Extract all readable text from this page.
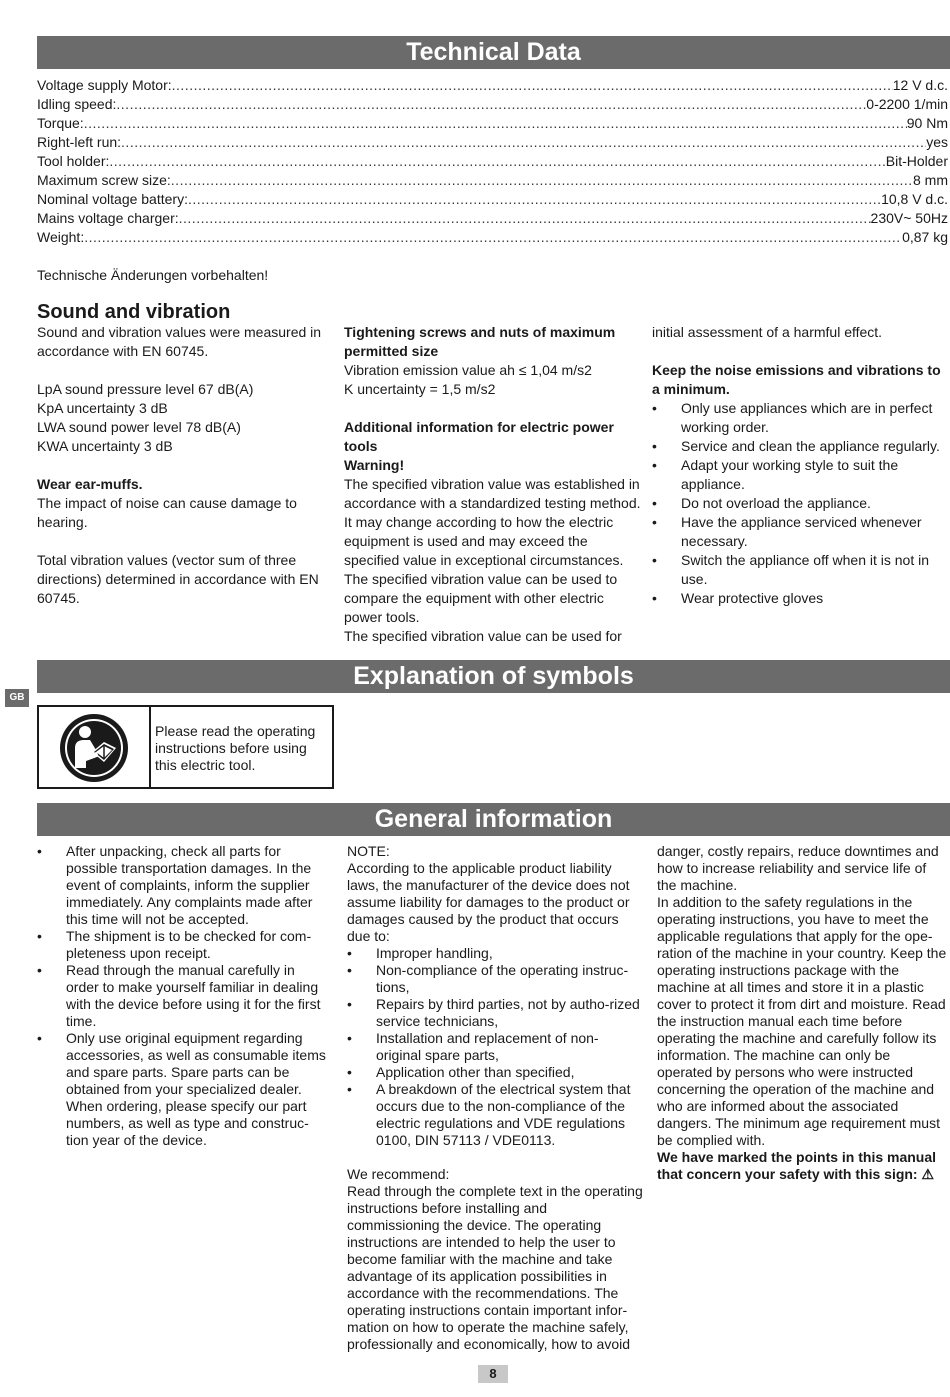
Technical Data
Voltage supply Motor: .....	12 V d.c.
Idling speed: .....	0-2200 1/min
Torque: .....	90 Nm
Right-left run: .....	yes
Tool holder: .....	Bit-Holder
Maximum screw size: .....	8 mm
Nominal voltage battery: .....	10,8 V d.c.
Mains voltage charger: .....	230V~ 50Hz
Weight: .....	0,87 kg
Technische Änderungen vorbehalten!
Sound and vibration

Sound and vibration values were measured in accordance with EN 60745.

LpA sound pressure level 67 dB(A)

KpA uncertainty 3 dB

LWA sound power level 78 dB(A)

KWA uncertainty 3 dB

Wear ear-muffs.

The impact of noise can cause damage to hearing.

Total vibration values (vector sum of three directions) determined in accordance with EN 60745.

Tightening screws and nuts of maximum permitted size

Vibration emission value ah ≤ 1,04 m/s2

K uncertainty = 1,5 m/s2

Additional information for electric power tools

Warning!

The specified vibration value was established in accordance with a standardized testing method. It may change according to how the electric equipment is used and may exceed the specified value in exceptional circumstances.

The specified vibration value can be used to compare the equipment with other electric power tools.

The specified vibration value can be used for

initial assessment of a harmful effect.

Keep the noise emissions and vibrations to a minimum.

• Only use appliances which are in perfect working order.
• Service and clean the appliance regularly.
• Adapt your working style to suit the appliance.
• Do not overload the appliance.
• Have the appliance serviced whenever necessary.
• Switch the appliance off when it is not in use.
• Wear protective gloves
GB
Explanation of symbols
Please read the operating instructions before using this electric tool.
General information
• After unpacking, check all parts for possible transportation damages. In the event of complaints, inform the supplier immediately. Any complaints made after this time will not be accepted.
• The shipment is to be checked for com-pleteness upon receipt.
• Read through the manual carefully in order to make yourself familiar in dealing with the device before using it for the first time.
• Only use original equipment regarding accessories, as well as consumable items and spare parts. Spare parts can be obtained from your specialized dealer. When ordering, please specify our part numbers, as well as type and construc-tion year of the device.

NOTE:

According to the applicable product liability laws, the manufacturer of the device does not assume liability for damages to the product or damages caused by the product that occurs due to:

• Improper handling,
• Non-compliance of the operating instruc-tions,
• Repairs by third parties, not by autho-rized service technicians,
• Installation and replacement of non-original spare parts,
• Application other than specified,
• A breakdown of the electrical system that occurs due to the non-compliance of the electric regulations and VDE regulations 0100, DIN 57113 / VDE0113.

We recommend:

Read through the complete text in the operating instructions before installing and commissioning the device. The operating instructions are intended to help the user to become familiar with the machine and take advantage of its application possibilities in accordance with the recommendations. The operating instructions contain important infor-mation on how to operate the machine safely, professionally and economically, how to avoid

danger, costly repairs, reduce downtimes and how to increase reliability and service life of the machine.

In addition to the safety regulations in the operating instructions, you have to meet the applicable regulations that apply for the ope-ration of the machine in your country. Keep the operating instructions package with the machine at all times and store it in a plastic cover to protect it from dirt and moisture. Read the instruction manual each time before operating the machine and carefully follow its information. The machine can only be operated by persons who were instructed concerning the operation of the machine and who are informed about the associated dangers. The minimum age requirement must be complied with.

We have marked the points in this manual that concern your safety with this sign: ⚠

8
